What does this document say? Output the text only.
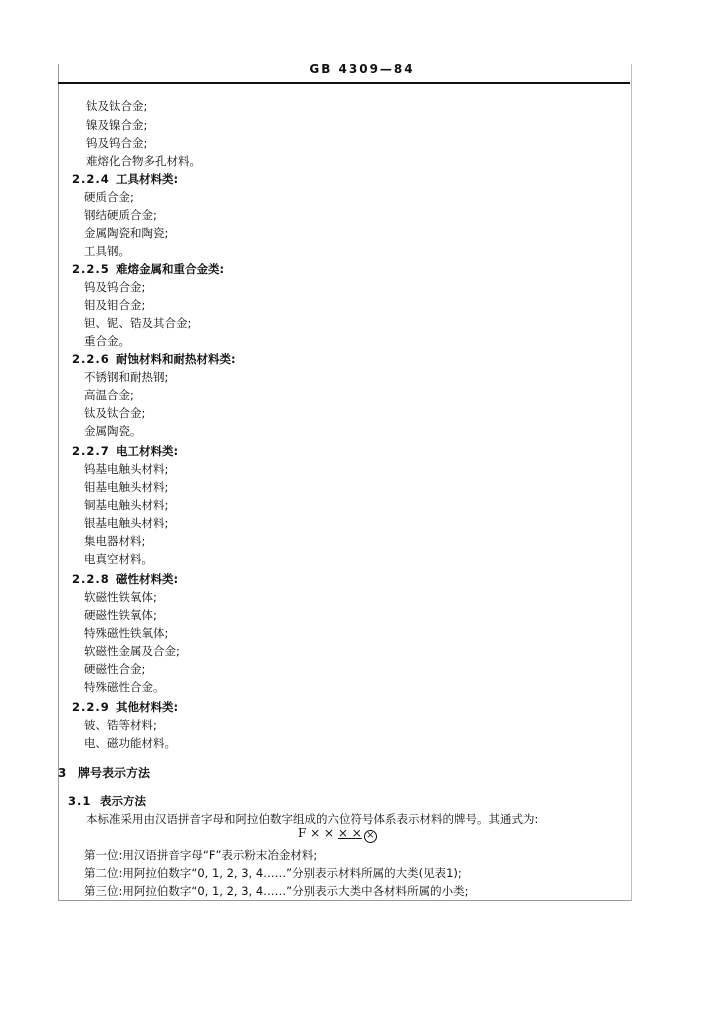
GB 4309—84
钛及钛合金;
镍及镍合金;
钨及钨合金;
难熔化合物多孔材料。
2.2.4 工具材料类:
硬质合金;
钢结硬质合金;
金属陶瓷和陶瓷;
工具钢。
2.2.5 难熔金属和重合金类:
钨及钨合金;
钼及钼合金;
钽、铌、锆及其合金;
重合金。
2.2.6 耐蚀材料和耐热材料类:
不锈钢和耐热钢;
高温合金;
钛及钛合金;
金属陶瓷。
2.2.7 电工材料类:
钨基电触头材料;
钼基电触头材料;
铜基电触头材料;
银基电触头材料;
集电器材料;
电真空材料。
2.2.8 磁性材料类:
软磁性铁氧体;
硬磁性铁氧体;
特殊磁性铁氧体;
软磁性金属及合金;
硬磁性合金;
特殊磁性合金。
2.2.9 其他材料类:
铍、锆等材料;
电、磁功能材料。
3 牌号表示方法
3.1 表示方法
本标准采用由汉语拼音字母和阿拉伯数字组成的六位符号体系表示材料的牌号。其通式为:
F × × × × ×
第一位:用汉语拼音字母“F”表示粉末冶金材料;
第二位:用阿拉伯数字“0, 1, 2, 3, 4……”分别表示材料所属的大类(见表1);
第三位:用阿拉伯数字“0, 1, 2, 3, 4……”分别表示大类中各材料所属的小类;
